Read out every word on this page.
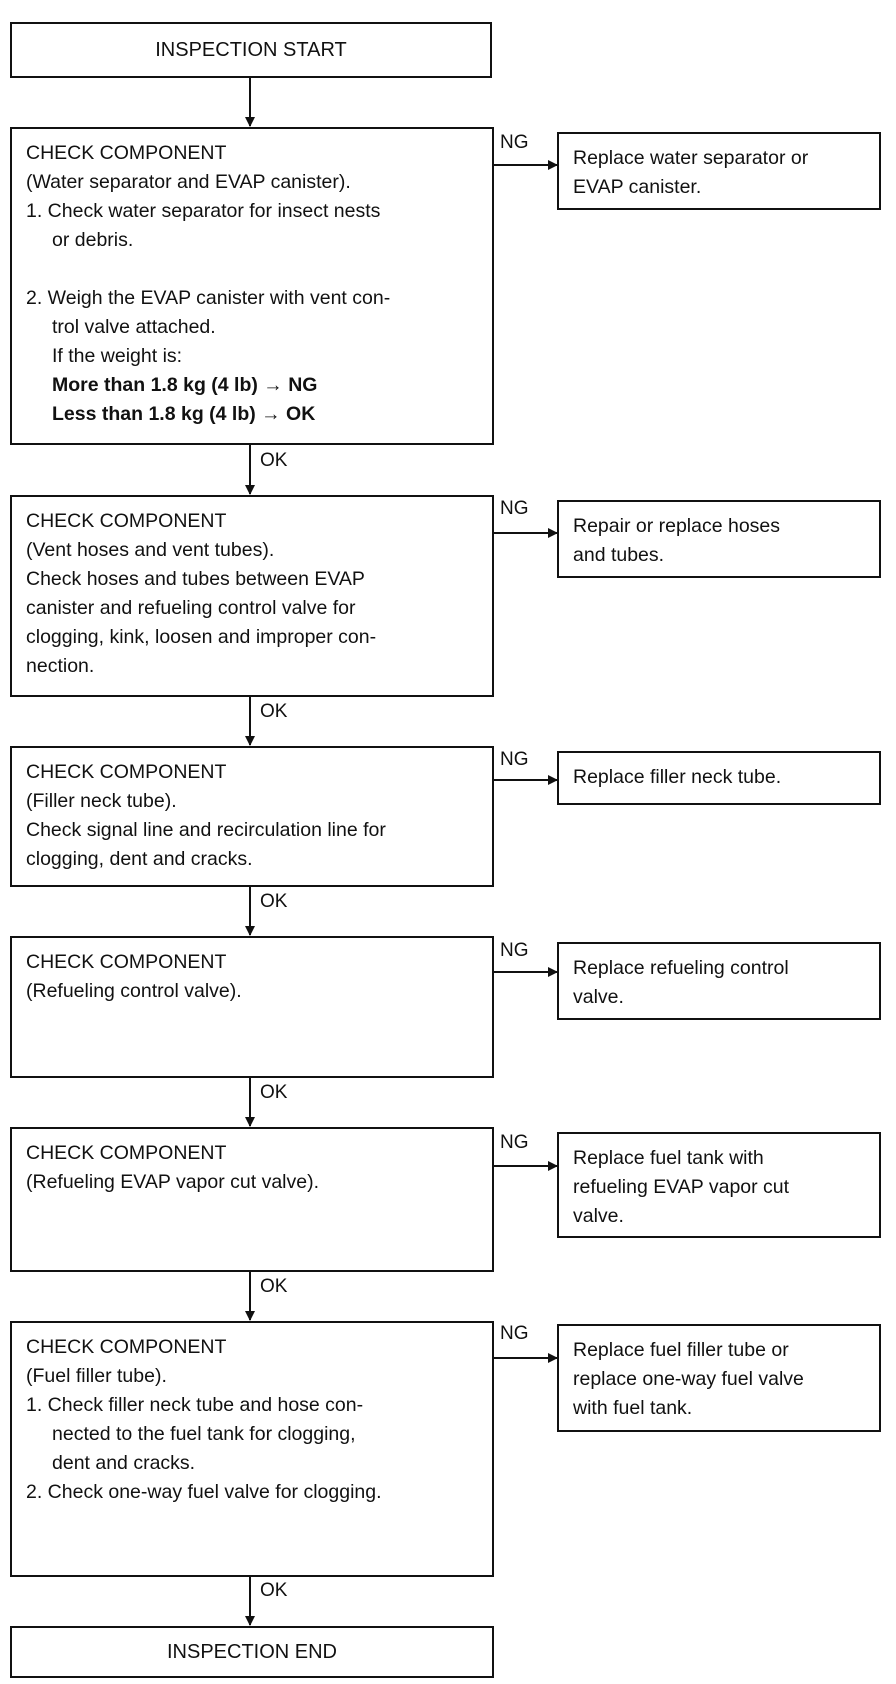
INSPECTION START
CHECK COMPONENT
(Water separator and EVAP canister).
1. Check water separator for insect nests
or debris.
2. Weigh the EVAP canister with vent con-
trol valve attached.
If the weight is:
More than 1.8 kg (4 lb) → NG
Less than 1.8 kg (4 lb) → OK
NG
Replace water separator or
EVAP canister.
OK
CHECK COMPONENT
(Vent hoses and vent tubes).
Check hoses and tubes between EVAP
canister and refueling control valve for
clogging, kink, loosen and improper con-
nection.
NG
Repair or replace hoses
and tubes.
OK
CHECK COMPONENT
(Filler neck tube).
Check signal line and recirculation line for
clogging, dent and cracks.
NG
Replace filler neck tube.
OK
CHECK COMPONENT
(Refueling control valve).
NG
Replace refueling control
valve.
OK
CHECK COMPONENT
(Refueling EVAP vapor cut valve).
NG
Replace fuel tank with
refueling EVAP vapor cut
valve.
OK
CHECK COMPONENT
(Fuel filler tube).
1. Check filler neck tube and hose con-
nected to the fuel tank for clogging,
dent and cracks.
2. Check one-way fuel valve for clogging.
NG
Replace fuel filler tube or
replace one-way fuel valve
with fuel tank.
OK
INSPECTION END
